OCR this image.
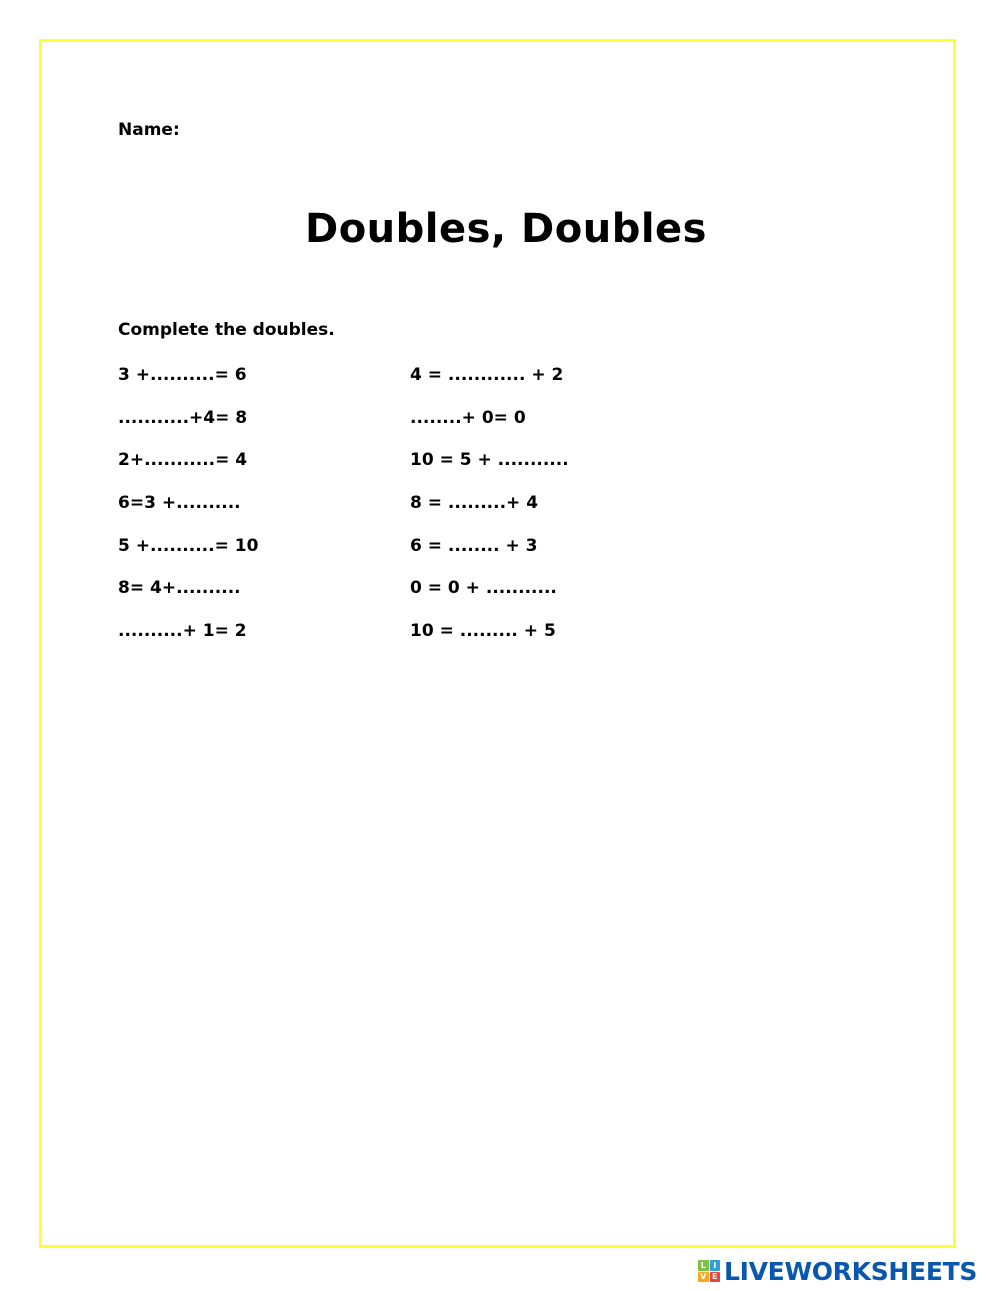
Name:
Doubles, Doubles
Complete the doubles.
3 +..........= 6
...........+4= 8
2+...........= 4
6=3 +..........
5 +..........= 10
8= 4+..........
..........+ 1= 2
4 = ............ + 2
........+ 0= 0
10 = 5 + ...........
8 = .........+ 4
6 = ........ + 3
0 = 0 + ...........
10 = ......... + 5
L I
V E LIVEWORKSHEETS
